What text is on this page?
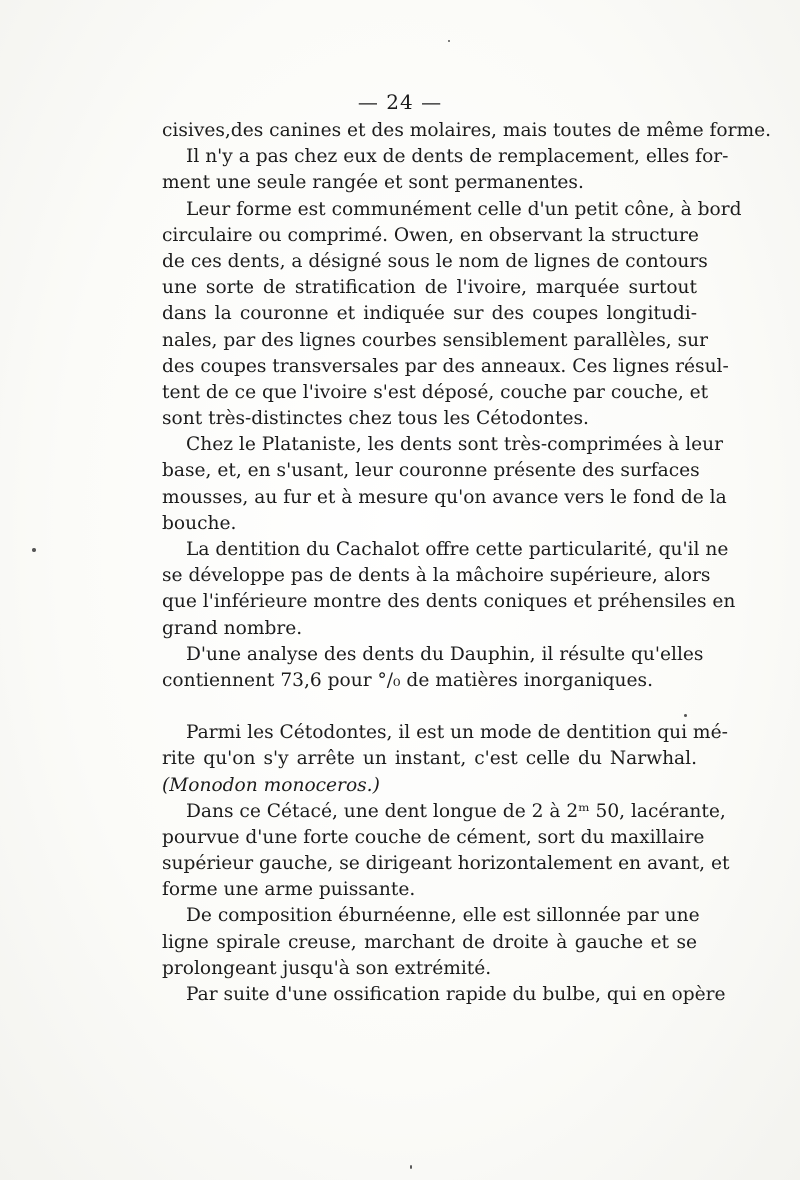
— 24 —
cisives,des canines et des molaires, mais toutes de même forme.
Il n'y a pas chez eux de dents de remplacement, elles for-
ment une seule rangée et sont permanentes.
Leur forme est communément celle d'un petit cône, à bord
circulaire ou comprimé. Owen, en observant la structure
de ces dents, a désigné sous le nom de lignes de contours
une sorte de stratification de l'ivoire, marquée surtout
dans la couronne et indiquée sur des coupes longitudi-
nales, par des lignes courbes sensiblement parallèles, sur
des coupes transversales par des anneaux. Ces lignes résul-
tent de ce que l'ivoire s'est déposé, couche par couche, et
sont très-distinctes chez tous les Cétodontes.
Chez le Plataniste, les dents sont très-comprimées à leur
base, et, en s'usant, leur couronne présente des surfaces
mousses, au fur et à mesure qu'on avance vers le fond de la
bouche.
La dentition du Cachalot offre cette particularité, qu'il ne
se développe pas de dents à la mâchoire supérieure, alors
que l'inférieure montre des dents coniques et préhensiles en
grand nombre.
D'une analyse des dents du Dauphin, il résulte qu'elles
contiennent 73,6 pour °/₀ de matières inorganiques.
Parmi les Cétodontes, il est un mode de dentition qui mé-
rite qu'on s'y arrête un instant, c'est celle du Narwhal.
(Monodon monoceros.)
Dans ce Cétacé, une dent longue de 2 à 2ᵐ 50, lacérante,
pourvue d'une forte couche de cément, sort du maxillaire
supérieur gauche, se dirigeant horizontalement en avant, et
forme une arme puissante.
De composition éburnéenne, elle est sillonnée par une
ligne spirale creuse, marchant de droite à gauche et se
prolongeant jusqu'à son extrémité.
Par suite d'une ossification rapide du bulbe, qui en opère
